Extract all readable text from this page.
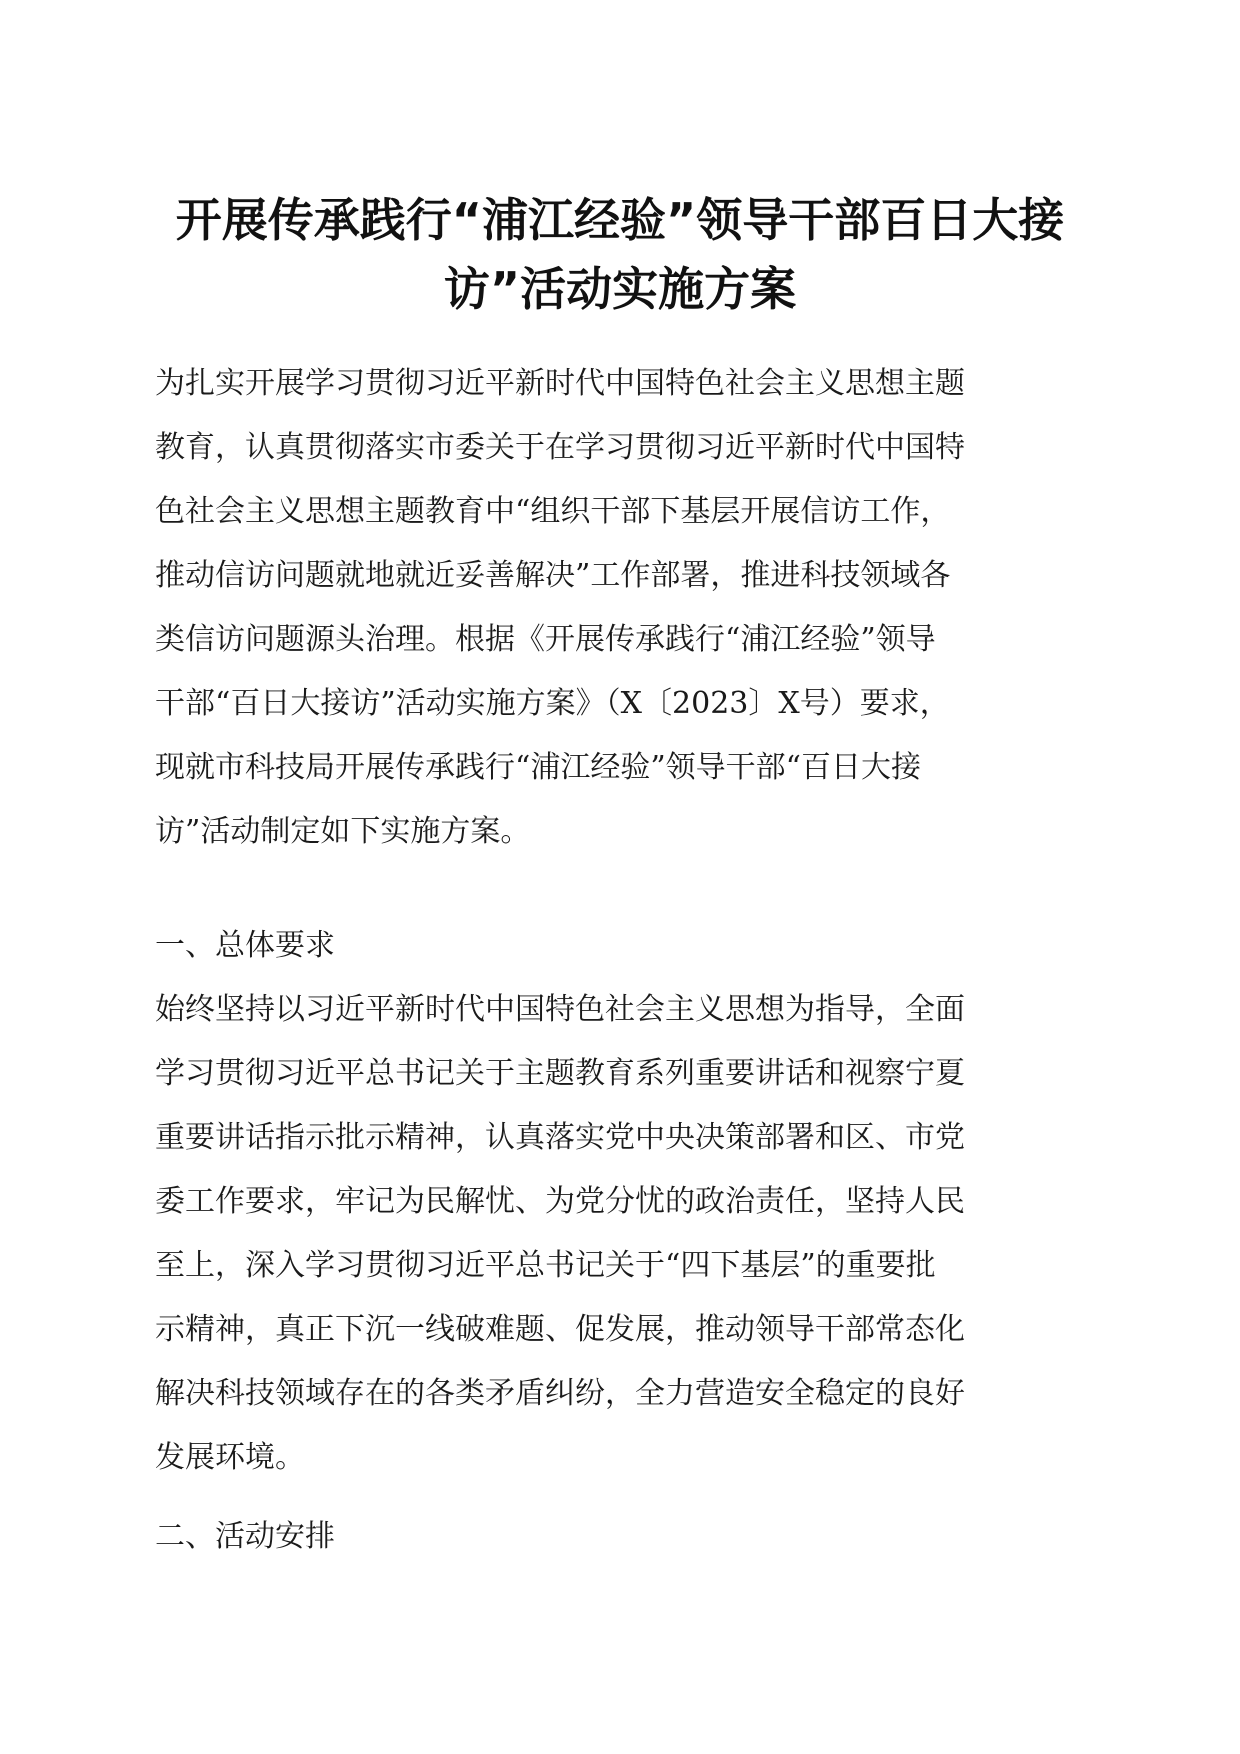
开展传承践行“浦江经验”领导干部百日大接
访”活动实施方案
为扎实开展学习贯彻习近平新时代中国特色社会主义思想主题
教育，认真贯彻落实市委关于在学习贯彻习近平新时代中国特
色社会主义思想主题教育中“组织干部下基层开展信访工作，
推动信访问题就地就近妥善解决”工作部署，推进科技领域各
类信访问题源头治理。根据《开展传承践行“浦江经验”领导
干部“百日大接访”活动实施方案》（X〔2023〕X号）要求，
现就市科技局开展传承践行“浦江经验”领导干部“百日大接
访”活动制定如下实施方案。
一、总体要求
始终坚持以习近平新时代中国特色社会主义思想为指导，全面
学习贯彻习近平总书记关于主题教育系列重要讲话和视察宁夏
重要讲话指示批示精神，认真落实党中央决策部署和区、市党
委工作要求，牢记为民解忧、为党分忧的政治责任，坚持人民
至上，深入学习贯彻习近平总书记关于“四下基层”的重要批
示精神，真正下沉一线破难题、促发展，推动领导干部常态化
解决科技领域存在的各类矛盾纠纷，全力营造安全稳定的良好
发展环境。
二、活动安排
